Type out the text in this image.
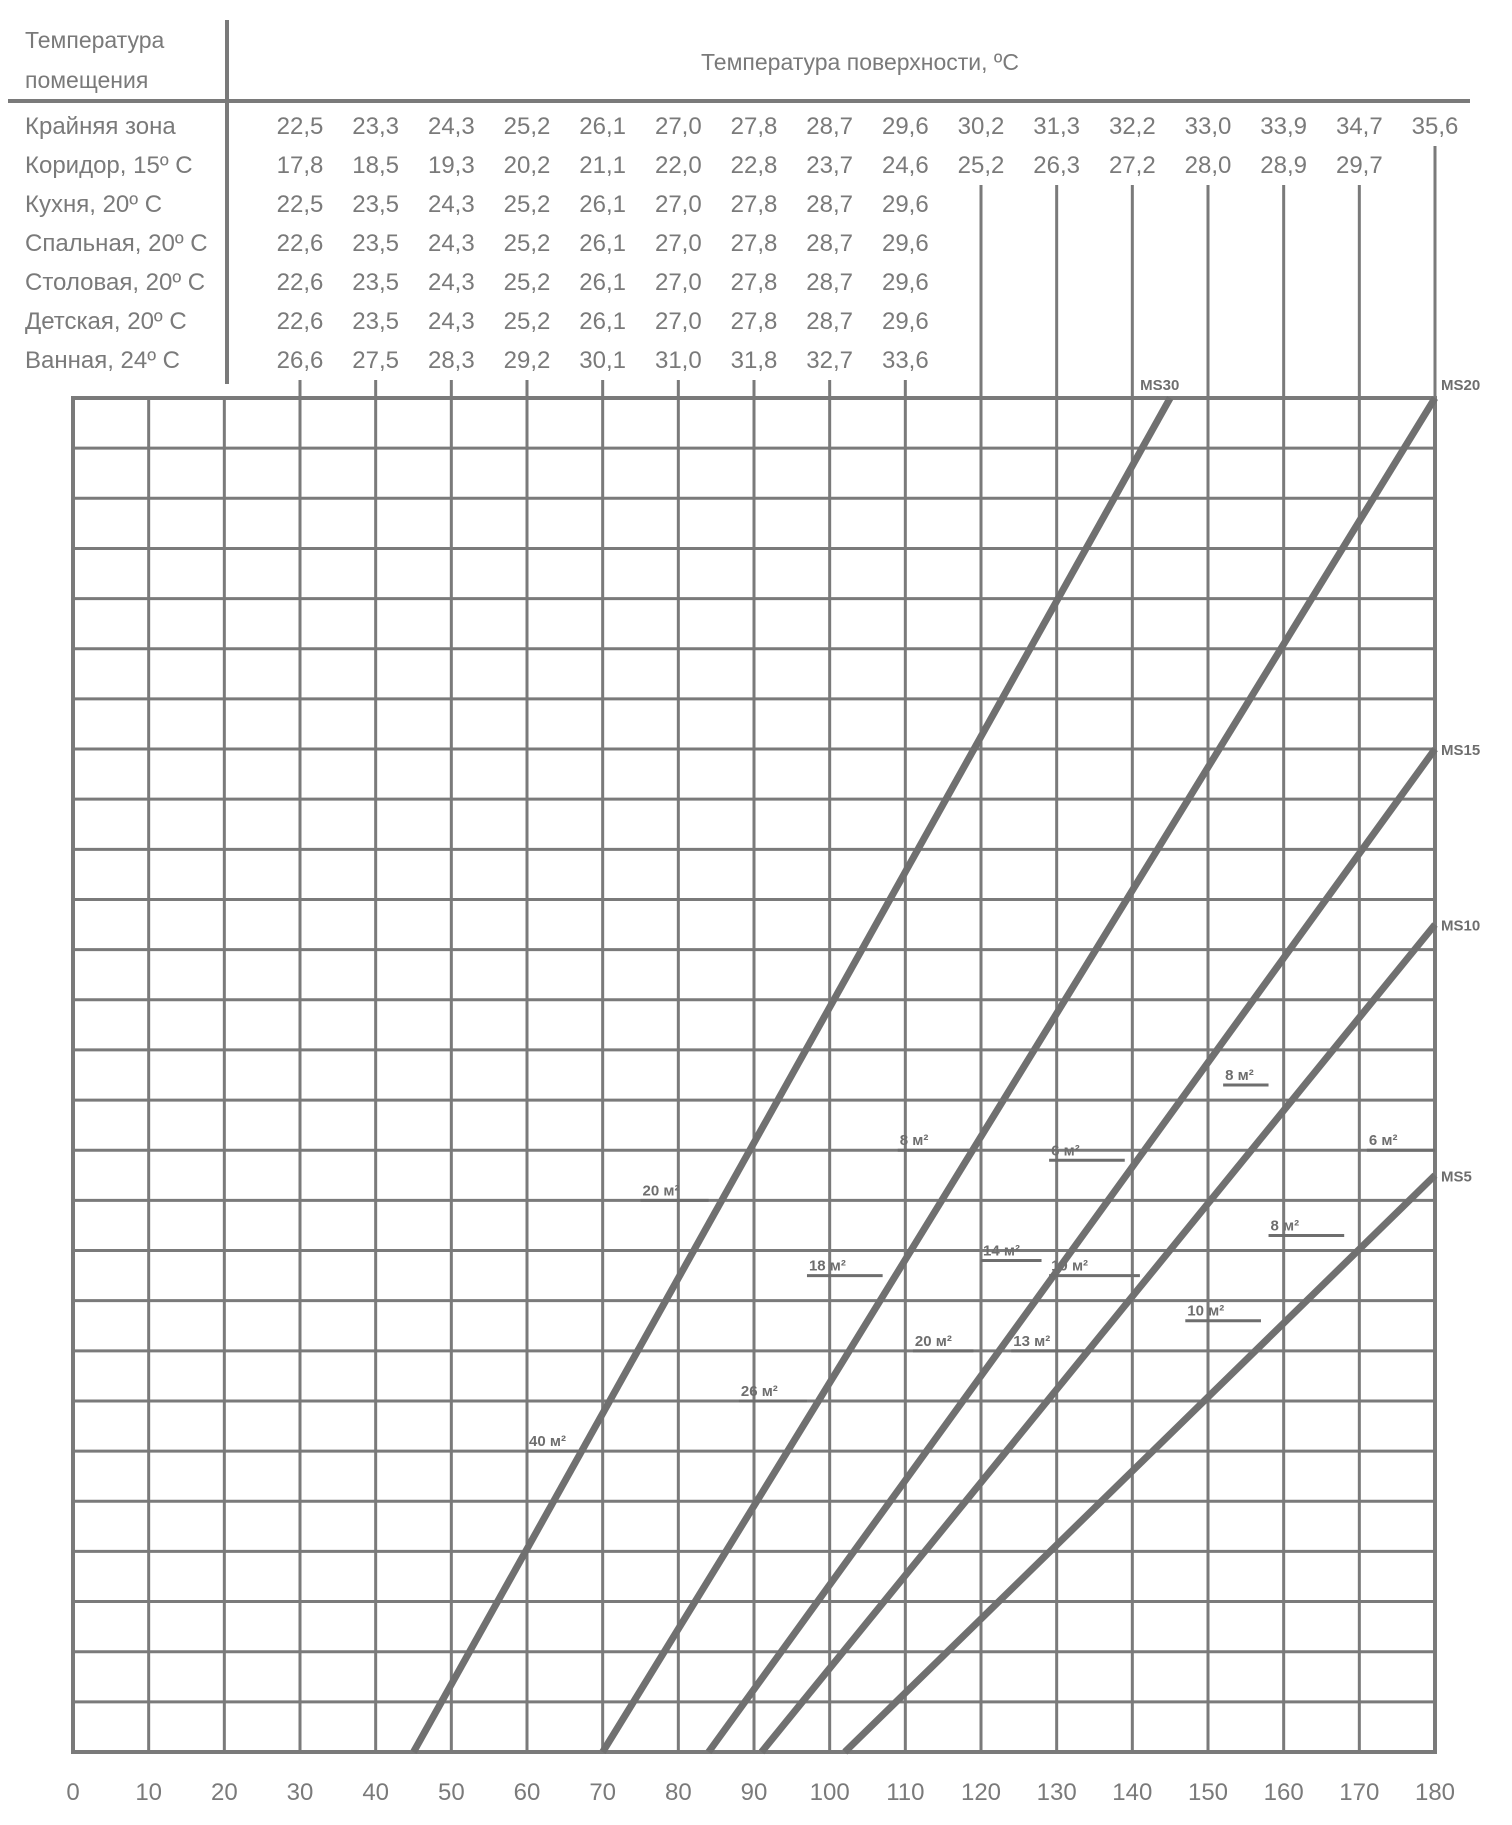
Температура
помещения
Температура поверхности, ºC
Крайняя зона	22,5 23,3 24,3 25,2 26,1 27,0 27,8 28,7 29,6 30,2 31,3 32,2 33,0 33,9 34,7 35,6
Коридор, 15º C	17,8 18,5 19,3 20,2 21,1 22,0 22,8 23,7 24,6 25,2 26,3 27,2 28,0 28,9 29,7
Кухня, 20º C	22,5 23,5 24,3 25,2 26,1 27,0 27,8 28,7 29,6
Спальная, 20º C	22,6 23,5 24,3 25,2 26,1 27,0 27,8 28,7 29,6
Столовая, 20º C	22,6 23,5 24,3 25,2 26,1 27,0 27,8 28,7 29,6
Детская, 20º C	22,6 23,5 24,3 25,2 26,1 27,0 27,8 28,7 29,6
Ванная, 24º C	26,6 27,5 28,3 29,2 30,1 31,0 31,8 32,7 33,6
MS30	MS20
MS15
MS10
MS5
40 м²
20 м²
26 м²
18 м²
8 м²
20 м²
14 м²
13 м²
10 м²
6 м²
10 м²
8 м²
8 м²
6 м²
0 10 20 30 40 50 60 70 80 90 100 110 120 130 140 150 160 170 180
